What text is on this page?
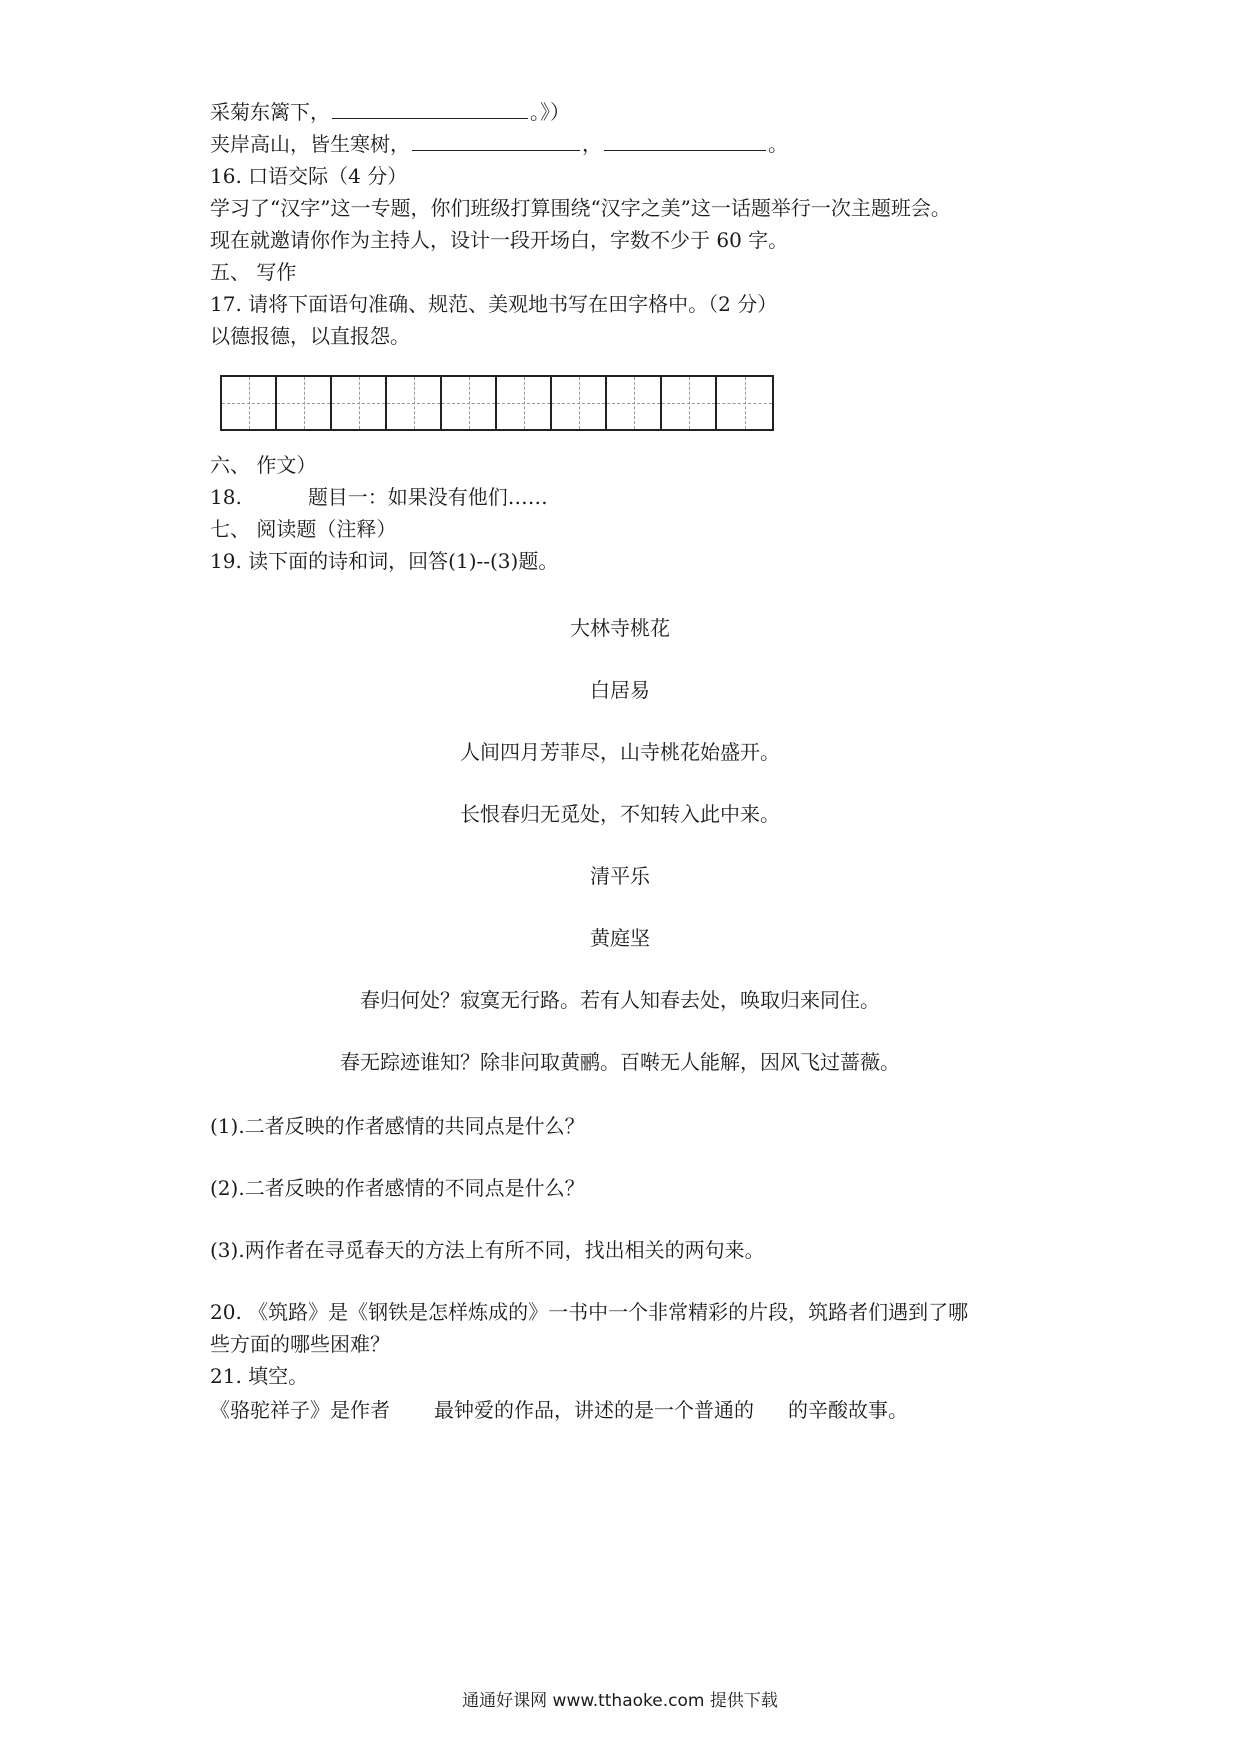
采菊东篱下，	。》）
夹岸高山，皆生寒树，	，	。
16. 口语交际（4 分）
学习了“汉字”这一专题，你们班级打算围绕“汉字之美”这一话题举行一次主题班会。
现在就邀请你作为主持人，设计一段开场白，字数不少于 60 字。
五、 写作
17. 请将下面语句准确、规范、美观地书写在田字格中。（2 分）
以德报德，以直报怨。
六、 作文）
18.	题目一：如果没有他们……
七、 阅读题（注释）
19. 读下面的诗和词，回答(1)--(3)题。
大林寺桃花
白居易
人间四月芳菲尽，山寺桃花始盛开。
长恨春归无觅处，不知转入此中来。
清平乐
黄庭坚
春归何处？寂寞无行路。若有人知春去处，唤取归来同住。
春无踪迹谁知？除非问取黄鹂。百啭无人能解，因风飞过蔷薇。
(1).二者反映的作者感情的共同点是什么？
(2).二者反映的作者感情的不同点是什么？
(3).两作者在寻觅春天的方法上有所不同，找出相关的两句来。
20. 《筑路》是《钢铁是怎样炼成的》一书中一个非常精彩的片段，筑路者们遇到了哪
些方面的哪些困难？
21. 填空。
《骆驼祥子》是作者 最钟爱的作品，讲述的是一个普通的 的辛酸故事。
通通好课网 www.tthaoke.com 提供下载
